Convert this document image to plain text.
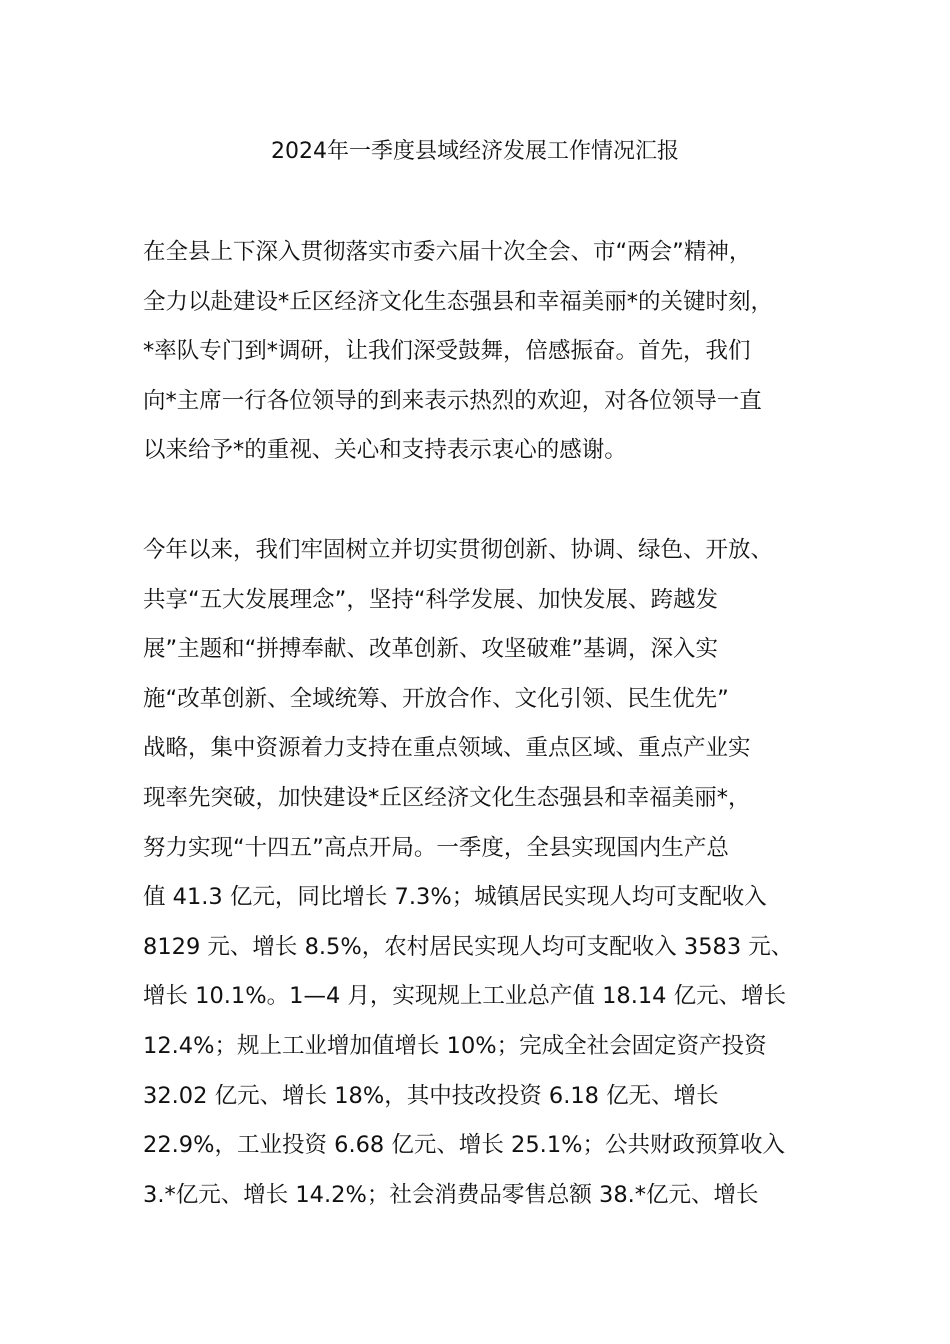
2024年一季度县域经济发展工作情况汇报
在全县上下深入贯彻落实市委六届十次全会、市“两会”精神，
全力以赴建设*丘区经济文化生态强县和幸福美丽*的关键时刻，
*率队专门到*调研，让我们深受鼓舞，倍感振奋。首先，我们
向*主席一行各位领导的到来表示热烈的欢迎，对各位领导一直
以来给予*的重视、关心和支持表示衷心的感谢。
今年以来，我们牢固树立并切实贯彻创新、协调、绿色、开放、
共享“五大发展理念”，坚持“科学发展、加快发展、跨越发
展”主题和“拼搏奉献、改革创新、攻坚破难”基调，深入实
施“改革创新、全域统筹、开放合作、文化引领、民生优先”
战略，集中资源着力支持在重点领域、重点区域、重点产业实
现率先突破，加快建设*丘区经济文化生态强县和幸福美丽*，
努力实现“十四五”高点开局。一季度，全县实现国内生产总
值 41.3 亿元，同比增长 7.3%；城镇居民实现人均可支配收入
8129 元、增长 8.5%，农村居民实现人均可支配收入 3583 元、
增长 10.1%。1—4 月，实现规上工业总产值 18.14 亿元、增长
12.4%；规上工业增加值增长 10%；完成全社会固定资产投资
32.02 亿元、增长 18%，其中技改投资 6.18 亿无、增长
22.9%，工业投资 6.68 亿元、增长 25.1%；公共财政预算收入
3.*亿元、增长 14.2%；社会消费品零售总额 38.*亿元、增长
